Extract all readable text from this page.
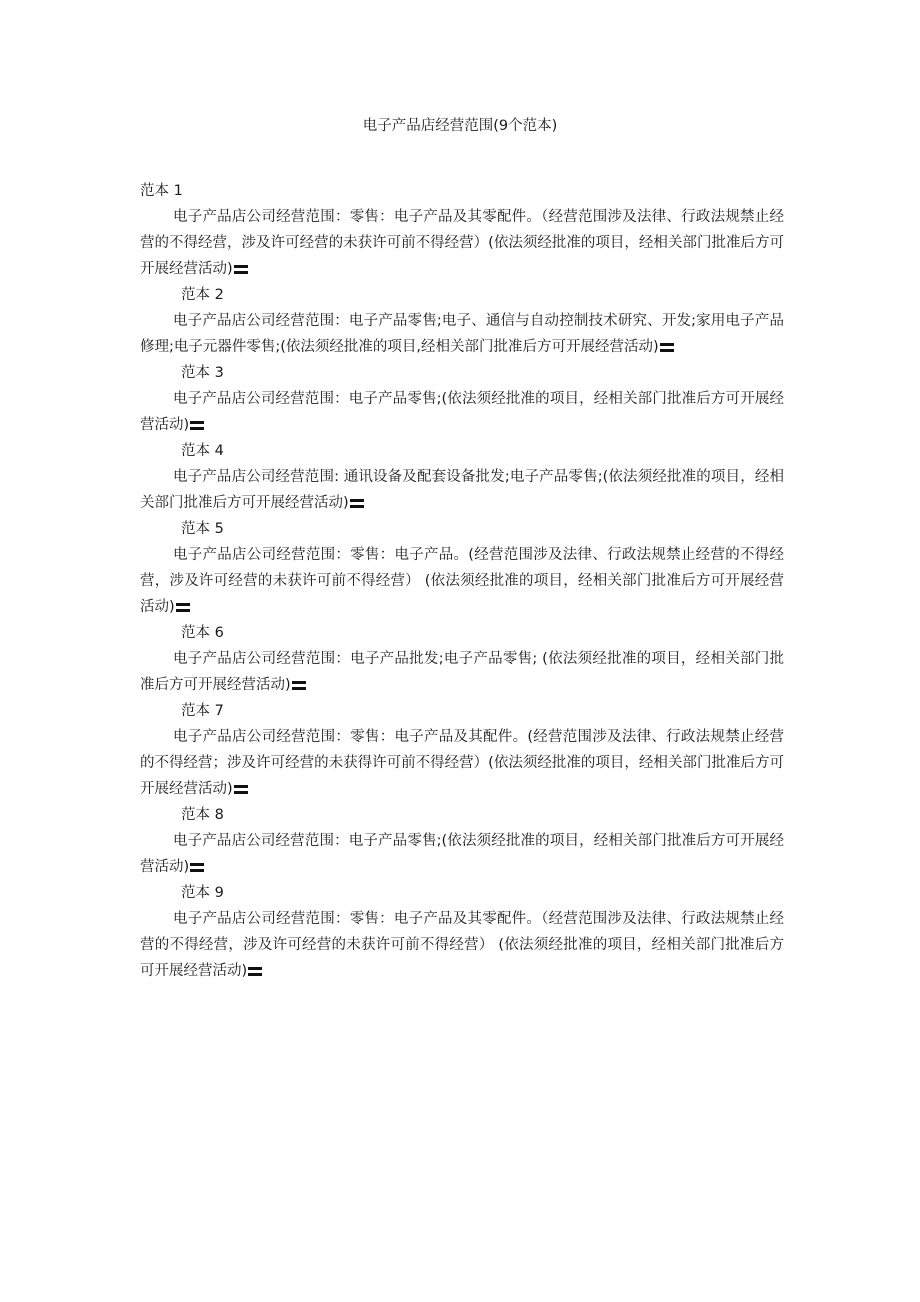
电子产品店经营范围(9个范本)

范本 1

电子产品店公司经营范围：零售：电子产品及其零配件。（经营范围涉及法律、行政法规禁止经营的不得经营，涉及许可经营的未获许可前不得经营）(依法须经批准的项目，经相关部门批准后方可开展经营活动)

范本 2

电子产品店公司经营范围：电子产品零售;电子、通信与自动控制技术研究、开发;家用电子产品修理;电子元器件零售;(依法须经批准的项目,经相关部门批准后方可开展经营活动)

范本 3

电子产品店公司经营范围：电子产品零售;(依法须经批准的项目，经相关部门批准后方可开展经营活动)

范本 4

电子产品店公司经营范围: 通讯设备及配套设备批发;电子产品零售;(依法须经批准的项目，经相关部门批准后方可开展经营活动)

范本 5

电子产品店公司经营范围：零售：电子产品。(经营范围涉及法律、行政法规禁止经营的不得经营，涉及许可经营的未获许可前不得经营） (依法须经批准的项目，经相关部门批准后方可开展经营活动)

范本 6

电子产品店公司经营范围：电子产品批发;电子产品零售; (依法须经批准的项目，经相关部门批准后方可开展经营活动)

范本 7

电子产品店公司经营范围：零售：电子产品及其配件。(经营范围涉及法律、行政法规禁止经营的不得经营；涉及许可经营的未获得许可前不得经营）(依法须经批准的项目，经相关部门批准后方可开展经营活动)

范本 8

电子产品店公司经营范围：电子产品零售;(依法须经批准的项目，经相关部门批准后方可开展经营活动)

范本 9

电子产品店公司经营范围：零售：电子产品及其零配件。（经营范围涉及法律、行政法规禁止经营的不得经营，涉及许可经营的未获许可前不得经营） (依法须经批准的项目，经相关部门批准后方可开展经营活动)
